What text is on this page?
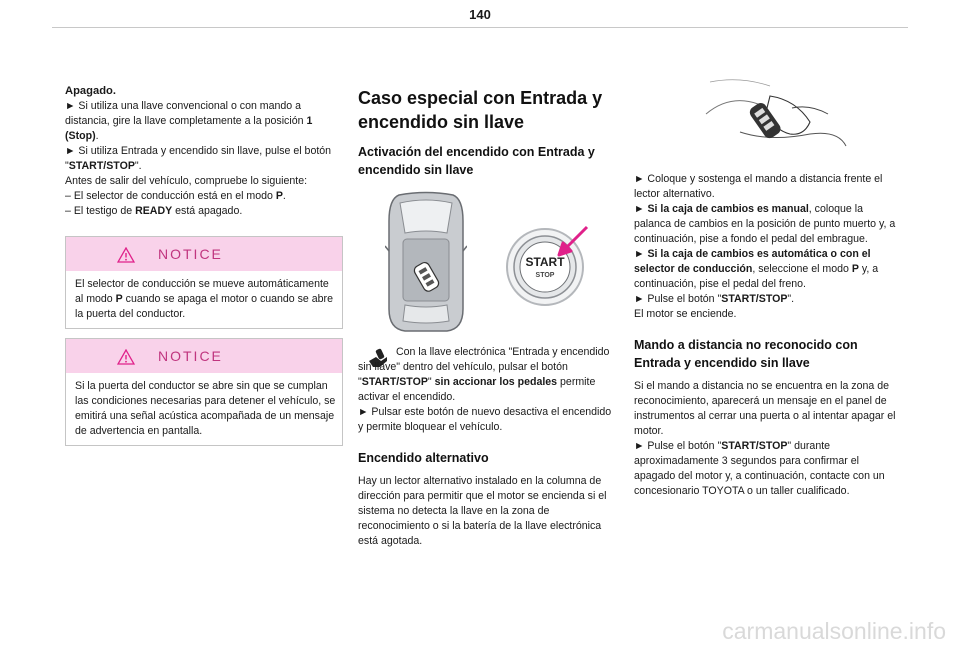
140

Apagado.

► Si utiliza una llave convencional o con mando a distancia, gire la llave completamente a la posición 1 (Stop).

► Si utiliza Entrada y encendido sin llave, pulse el botón "START/STOP".

Antes de salir del vehículo, compruebe lo siguiente:

– El selector de conducción está en el modo P.

– El testigo de READY está apagado.

NOTICE
El selector de conducción se mueve automáticamente al modo P cuando se apaga el motor o cuando se abre la puerta del conductor.
NOTICE
Si la puerta del conductor se abre sin que se cumplan las condiciones necesarias para detener el vehículo, se emitirá una señal acústica acompañada de un mensaje de advertencia en pantalla.

Caso especial con Entrada y encendido sin llave

Activación del encendido con Entrada y encendido sin llave

START
STOP

Con la llave electrónica "Entrada y encendido sin llave" dentro del vehículo, pulsar el botón "START/STOP" sin accionar los pedales permite activar el encendido.

► Pulsar este botón de nuevo desactiva el encendido y permite bloquear el vehículo.

Encendido alternativo

Hay un lector alternativo instalado en la columna de dirección para permitir que el motor se encienda si el sistema no detecta la llave en la zona de reconocimiento o si la batería de la llave electrónica está agotada.

► Coloque y sostenga el mando a distancia frente el lector alternativo.

► Si la caja de cambios es manual, coloque la palanca de cambios en la posición de punto muerto y, a continuación, pise a fondo el pedal del embrague.

► Si la caja de cambios es automática o con el selector de conducción, seleccione el modo P y, a continuación, pise el pedal del freno.

► Pulse el botón "START/STOP".

El motor se enciende.

Mando a distancia no reconocido con Entrada y encendido sin llave

Si el mando a distancia no se encuentra en la zona de reconocimiento, aparecerá un mensaje en el panel de instrumentos al cerrar una puerta o al intentar apagar el motor.

► Pulse el botón "START/STOP" durante aproximadamente 3 segundos para confirmar el apagado del motor y, a continuación, contacte con un concesionario TOYOTA o un taller cualificado.

carmanualsonline.info
